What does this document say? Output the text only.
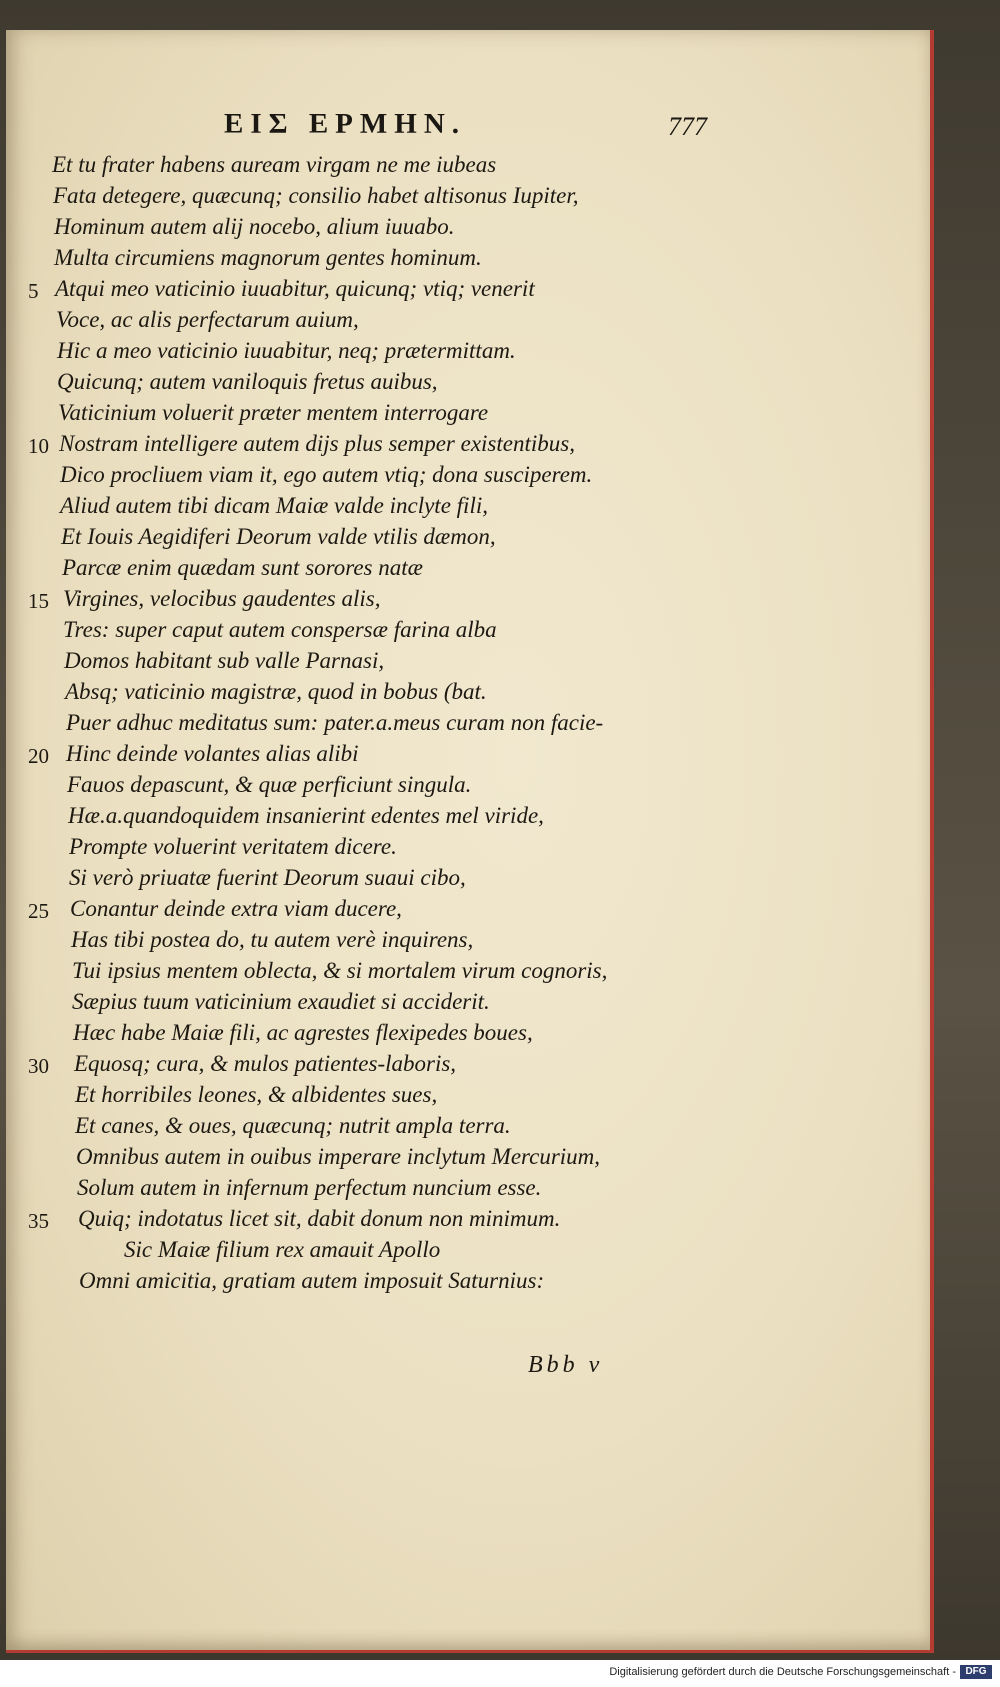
ΕΙΣ ΕΡΜΗΝ.	777
Et tu frater habens auream virgam ne me iubeas
Fata detegere, quæcunq; consilio habet altisonus Iupiter,
Hominum autem alij nocebo, alium iuuabo.
Multa circumiens magnorum gentes hominum.
5 Atqui meo vaticinio iuuabitur, quicunq; vtiq; venerit
Voce, ac alis perfectarum auium,
Hic a meo vaticinio iuuabitur, neq; prætermittam.
Quicunq; autem vaniloquis fretus auibus,
Vaticinium voluerit præter mentem interrogare
10 Nostram intelligere autem dijs plus semper existentibus,
Dico procliuem viam it, ego autem vtiq; dona susciperem.
Aliud autem tibi dicam Maiæ valde inclyte fili,
Et Iouis Aegidiferi Deorum valde vtilis dæmon,
Parcæ enim quædam sunt sorores natæ
15 Virgines, velocibus gaudentes alis,
Tres: super caput autem conspersæ farina alba
Domos habitant sub valle Parnasi,
Absq; vaticinio magistræ, quod in bobus (bat.
Puer adhuc meditatus sum: pater.a.meus curam non facie-
20 Hinc deinde volantes alias alibi
Fauos depascunt, & quæ perficiunt singula.
Hæ.a.quandoquidem insanierint edentes mel viride,
Prompte voluerint veritatem dicere.
Si verò priuatæ fuerint Deorum suaui cibo,
25 Conantur deinde extra viam ducere,
Has tibi postea do, tu autem verè inquirens,
Tui ipsius mentem oblecta, & si mortalem virum cognoris,
Sæpius tuum vaticinium exaudiet si acciderit.
Hæc habe Maiæ fili, ac agrestes flexipedes boues,
30	Equosq; cura, & mulos patientes-laboris,
Et horribiles leones, & albidentes sues,
Et canes, & oues, quæcunq; nutrit ampla terra.
Omnibus autem in ouibus imperare inclytum Mercurium,
Solum autem in infernum perfectum nuncium esse.
35	Quiq; indotatus licet sit, dabit donum non minimum.
Sic Maiæ filium rex amauit Apollo
Omni amicitia, gratiam autem imposuit Saturnius:
Bbb v
Digitalisierung gefördert durch die Deutsche Forschungsgemeinschaft - DFG
